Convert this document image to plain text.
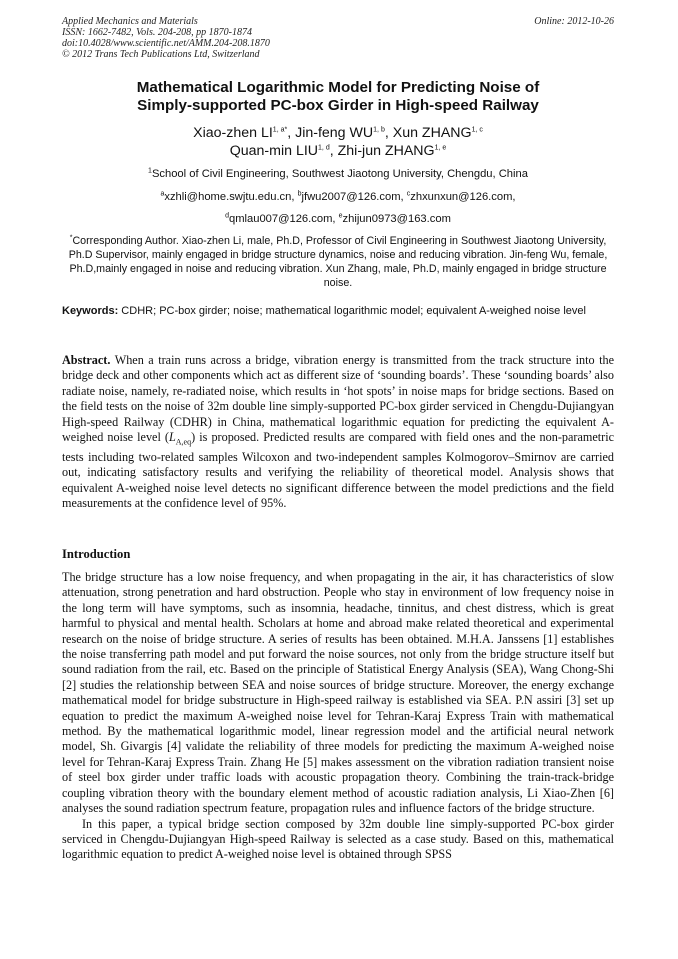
Applied Mechanics and Materials
ISSN: 1662-7482, Vols. 204-208, pp 1870-1874
doi:10.4028/www.scientific.net/AMM.204-208.1870
© 2012 Trans Tech Publications Ltd, Switzerland
Online: 2012-10-26
Mathematical Logarithmic Model for Predicting Noise of
Simply-supported PC-box Girder in High-speed Railway
Xiao-zhen $LI^{1, a*}$, Jin-feng WU$^{1, b}$, Xun ZHANG$^{1, c}$
Quan-min LIU$^{1, d}$, Zhi-jun ZHANG$^{1, e}$
$^1$School of Civil Engineering, Southwest Jiaotong University, Chengdu, China
$^a$xzhli@home.swjtu.edu.cn, $^b$jfwu2007@126.com, $^c$zhxunxun@126.com,
$^d$qmlau007@126.com, $^e$zhijun0973@163.com
*Corresponding Author. Xiao-zhen Li, male, Ph.D, Professor of Civil Engineering in Southwest Jiaotong University, Ph.D Supervisor, mainly engaged in bridge structure dynamics, noise and reducing vibration. Jin-feng Wu, female, Ph.D,mainly engaged in noise and reducing vibration. Xun Zhang, male, Ph.D, mainly engaged in bridge structure noise.
Keywords: CDHR; PC-box girder; noise; mathematical logarithmic model; equivalent A-weighed noise level
Abstract. When a train runs across a bridge, vibration energy is transmitted from the track structure into the bridge deck and other components which act as different size of ‘sounding boards’. These ‘sounding boards’ also radiate noise, namely, re-radiated noise, which results in ‘hot spots’ in noise maps for bridge sections. Based on the field tests on the noise of 32m double line simply-supported PC-box girder serviced in Chengdu-Dujiangyan High-speed Railway (CDHR) in China, mathematical logarithmic equation for predicting the equivalent A-weighed noise level $(L_{A,eq})$ is proposed. Predicted results are compared with field ones and the non-parametric tests including two-related samples Wilcoxon and two-independent samples Kolmogorov–Smirnov are carried out, indicating satisfactory results and verifying the reliability of theoretical model. Analysis shows that equivalent A-weighed noise level detects no significant difference between the model predictions and the field measurements at the confidence level of 95%.
Introduction
The bridge structure has a low noise frequency, and when propagating in the air, it has characteristics of slow attenuation, strong penetration and hard obstruction. People who stay in environment of low frequency noise in the long term will have symptoms, such as insomnia, headache, tinnitus, and chest distress, which is great harmful to physical and mental health. Scholars at home and abroad make related theoretical and experimental research on the noise of bridge structure. A series of results has been obtained. M.H.A. Janssens [1] establishes the noise transferring path model and put forward the noise sources, not only from the bridge structure itself but sound radiation from the rail, etc. Based on the principle of Statistical Energy Analysis (SEA), Wang Chong-Shi [2] studies the relationship between SEA and noise sources of bridge structure. Moreover, the energy exchange mathematical model for bridge substructure in High-speed railway is established via SEA. P.N assiri [3] set up equation to predict the maximum A-weighed noise level for Tehran-Karaj Express Train with mathematical method. By the mathematical logarithmic model, linear regression model and the artificial neural network model, Sh. Givargis [4] validate the reliability of three models for predicting the maximum A-weighed noise level for Tehran-Karaj Express Train. Zhang He [5] makes assessment on the vibration radiation transient noise of steel box girder under traffic loads with acoustic propagation theory. Combining the train-track-bridge coupling vibration theory with the boundary element method of acoustic radiation analysis, Li Xiao-Zhen [6] analyses the sound radiation spectrum feature, propagation rules and influence factors of the bridge structure.
In this paper, a typical bridge section composed by 32m double line simply-supported PC-box girder serviced in Chengdu-Dujiangyan High-speed Railway is selected as a case study. Based on this, mathematical logarithmic equation to predict A-weighed noise level is obtained through SPSS
